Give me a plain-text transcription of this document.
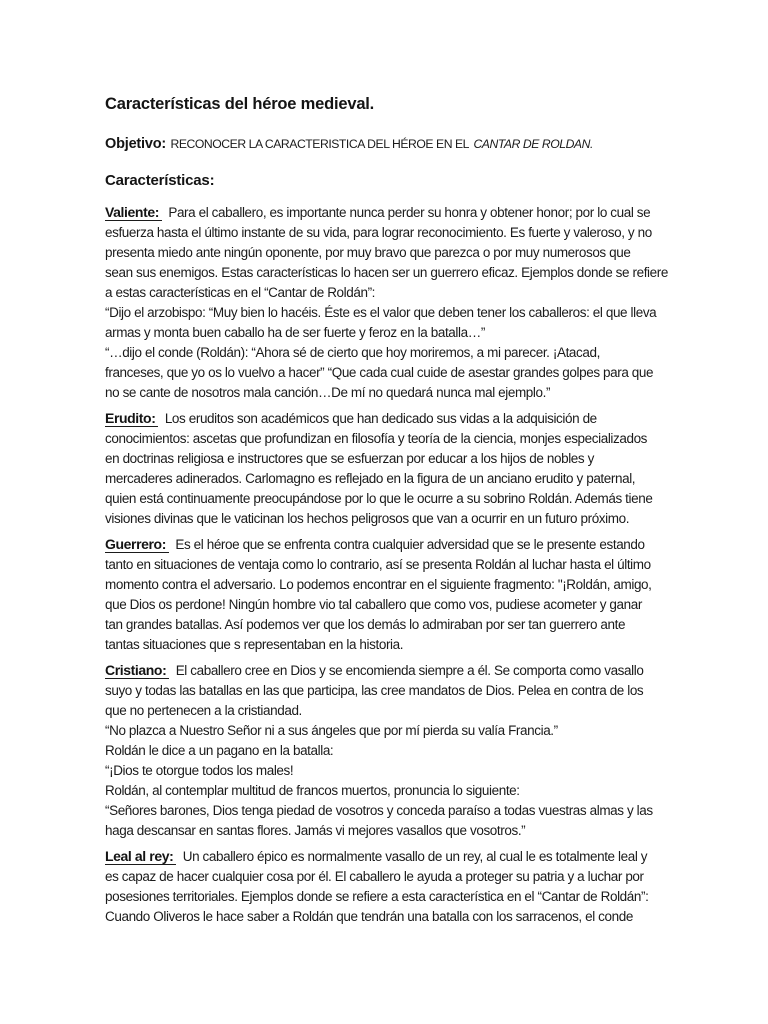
Características del héroe medieval.

Objetivo: RECONOCER LA CARACTERISTICA DEL HÉROE EN EL CANTAR DE ROLDAN.

Características:
Valiente: Para el caballero, es importante nunca perder su honra y obtener honor; por lo cual se
esfuerza hasta el último instante de su vida, para lograr reconocimiento. Es fuerte y valeroso, y no
presenta miedo ante ningún oponente, por muy bravo que parezca o por muy numerosos que
sean sus enemigos. Estas características lo hacen ser un guerrero eficaz. Ejemplos donde se refiere
a estas características en el “Cantar de Roldán”:
“Dijo el arzobispo: “Muy bien lo hacéis. Éste es el valor que deben tener los caballeros: el que lleva
armas y monta buen caballo ha de ser fuerte y feroz en la batalla…”
“…dijo el conde (Roldán): “Ahora sé de cierto que hoy moriremos, a mi parecer. ¡Atacad,
franceses, que yo os lo vuelvo a hacer” “Que cada cual cuide de asestar grandes golpes para que
no se cante de nosotros mala canción…De mí no quedará nunca mal ejemplo.”
Erudito: Los eruditos son académicos que han dedicado sus vidas a la adquisición de
conocimientos: ascetas que profundizan en filosofía y teoría de la ciencia, monjes especializados
en doctrinas religiosa e instructores que se esfuerzan por educar a los hijos de nobles y
mercaderes adinerados. Carlomagno es reflejado en la figura de un anciano erudito y paternal,
quien está continuamente preocupándose por lo que le ocurre a su sobrino Roldán. Además tiene
visiones divinas que le vaticinan los hechos peligrosos que van a ocurrir en un futuro próximo.
Guerrero: Es el héroe que se enfrenta contra cualquier adversidad que se le presente estando
tanto en situaciones de ventaja como lo contrario, así se presenta Roldán al luchar hasta el último
momento contra el adversario. Lo podemos encontrar en el siguiente fragmento: "¡Roldán, amigo,
que Dios os perdone! Ningún hombre vio tal caballero que como vos, pudiese acometer y ganar
tan grandes batallas. Así podemos ver que los demás lo admiraban por ser tan guerrero ante
tantas situaciones que s representaban en la historia.
Cristiano: El caballero cree en Dios y se encomienda siempre a él. Se comporta como vasallo
suyo y todas las batallas en las que participa, las cree mandatos de Dios. Pelea en contra de los
que no pertenecen a la cristiandad.
“No plazca a Nuestro Señor ni a sus ángeles que por mí pierda su valía Francia.”
Roldán le dice a un pagano en la batalla:
“¡Dios te otorgue todos los males!
Roldán, al contemplar multitud de francos muertos, pronuncia lo siguiente:
“Señores barones, Dios tenga piedad de vosotros y conceda paraíso a todas vuestras almas y las
haga descansar en santas flores. Jamás vi mejores vasallos que vosotros.”
Leal al rey: Un caballero épico es normalmente vasallo de un rey, al cual le es totalmente leal y
es capaz de hacer cualquier cosa por él. El caballero le ayuda a proteger su patria y a luchar por
posesiones territoriales. Ejemplos donde se refiere a esta característica en el “Cantar de Roldán”:
Cuando Oliveros le hace saber a Roldán que tendrán una batalla con los sarracenos, el conde
